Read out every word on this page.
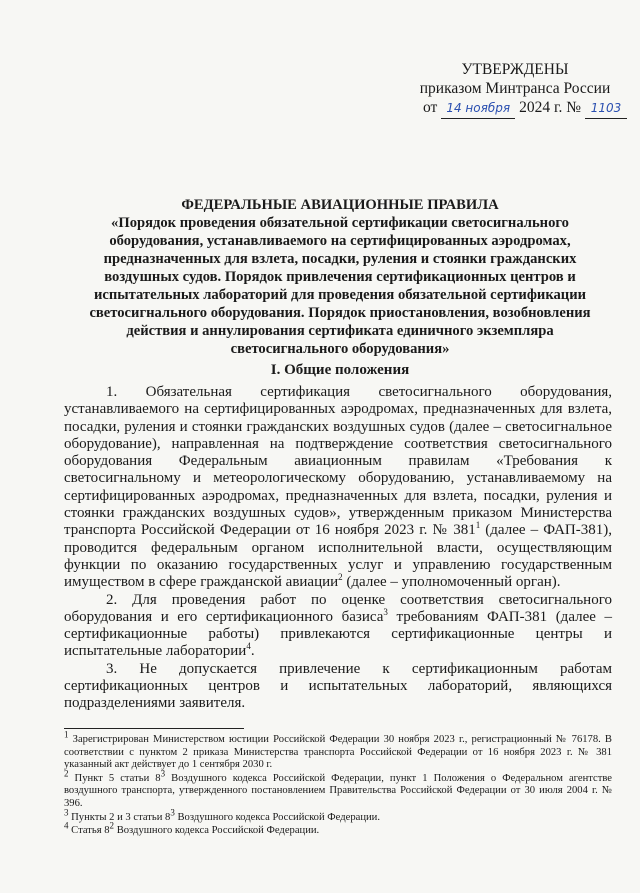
УТВЕРЖДЕНЫ
приказом Минтранса России
от 14 ноября 2024 г. № 1103
ФЕДЕРАЛЬНЫЕ АВИАЦИОННЫЕ ПРАВИЛА
«Порядок проведения обязательной сертификации светосигнального оборудования, устанавливаемого на сертифицированных аэродромах, предназначенных для взлета, посадки, руления и стоянки гражданских воздушных судов. Порядок привлечения сертификационных центров и испытательных лабораторий для проведения обязательной сертификации светосигнального оборудования. Порядок приостановления, возобновления действия и аннулирования сертификата единичного экземпляра светосигнального оборудования»
I. Общие положения

1. Обязательная сертификация светосигнального оборудования, устанавливаемого на сертифицированных аэродромах, предназначенных для взлета, посадки, руления и стоянки гражданских воздушных судов (далее – светосигнальное оборудование), направленная на подтверждение соответствия светосигнального оборудования Федеральным авиационным правилам «Требования к светосигнальному и метеорологическому оборудованию, устанавливаемому на сертифицированных аэродромах, предназначенных для взлета, посадки, руления и стоянки гражданских воздушных судов», утвержденным приказом Министерства транспорта Российской Федерации от 16 ноября 2023 г. № $381^1$ (далее – ФАП-381), проводится федеральным органом исполнительной власти, осуществляющим функции по оказанию государственных услуг и управлению государственным имуществом в сфере гражданской авиации$^2$ (далее – уполномоченный орган).

2. Для проведения работ по оценке соответствия светосигнального оборудования и его сертификационного базиса$^3$ требованиям ФАП-381 (далее – сертификационные работы) привлекаются сертификационные центры и испытательные лаборатории$^4$.

3. Не допускается привлечение к сертификационным работам сертификационных центров и испытательных лабораторий, являющихся подразделениями заявителя.

$^1$ Зарегистрирован Министерством юстиции Российской Федерации 30 ноября 2023 г., регистрационный № 76178. В соответствии с пунктом 2 приказа Министерства транспорта Российской Федерации от 16 ноября 2023 г. № 381 указанный акт действует до 1 сентября 2030 г.

$^2$ Пункт 5 статьи $8^3$ Воздушного кодекса Российской Федерации, пункт 1 Положения о Федеральном агентстве воздушного транспорта, утвержденного постановлением Правительства Российской Федерации от 30 июля 2004 г. № 396.

$^3$ Пункты 2 и 3 статьи $8^3$ Воздушного кодекса Российской Федерации.

$^4$ Статья $8^2$ Воздушного кодекса Российской Федерации.
